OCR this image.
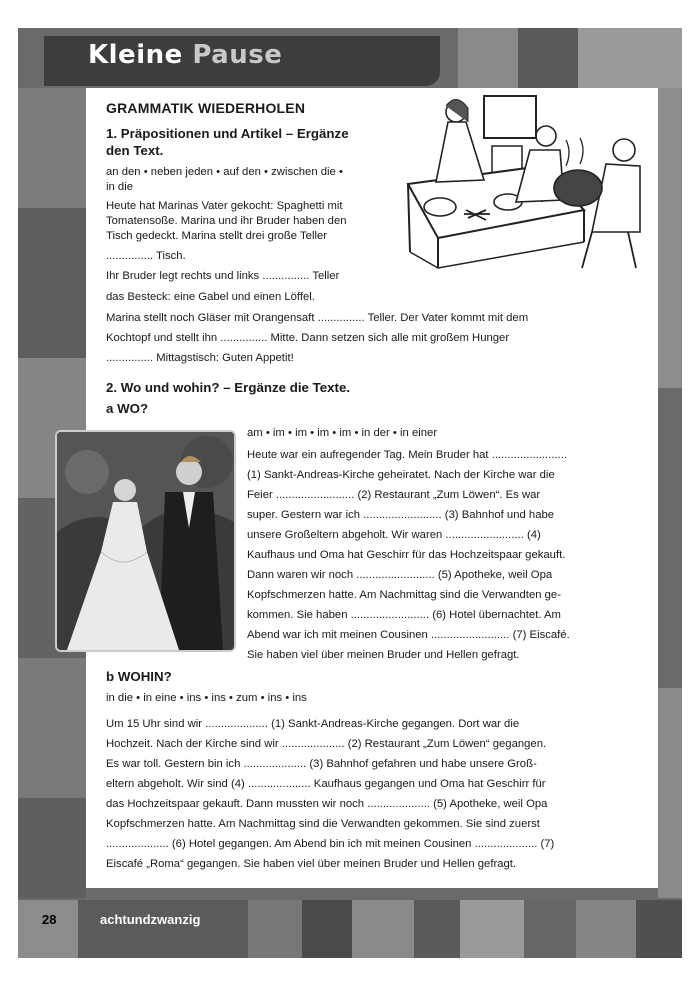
Kleine Pause
GRAMMATIK WIEDERHOLEN
1. Präpositionen und Artikel – Ergänze
den Text.
an den • neben jeden • auf den • zwischen die •
in die
Heute hat Marinas Vater gekocht: Spaghetti mit
Tomatensoße. Marina und ihr Bruder haben den
Tisch gedeckt. Marina stellt drei große Teller
............... Tisch.
Ihr Bruder legt rechts und links ............... Teller
das Besteck: eine Gabel und einen Löffel.
Marina stellt noch Gläser mit Orangensaft ............... Teller. Der Vater kommt mit dem
Kochtopf und stellt ihn ............... Mitte. Dann setzen sich alle mit großem Hunger
............... Mittagstisch: Guten Appetit!
2. Wo und wohin? – Ergänze die Texte.
a WO?
am • im • im • im • im • in der • in einer
Heute war ein aufregender Tag. Mein Bruder hat ........................
(1) Sankt-Andreas-Kirche geheiratet. Nach der Kirche war die
Feier ......................... (2) Restaurant „Zum Löwen“. Es war
super. Gestern war ich ......................... (3) Bahnhof und habe
unsere Großeltern abgeholt. Wir waren ......................... (4)
Kaufhaus und Oma hat Geschirr für das Hochzeitspaar gekauft.
Dann waren wir noch ......................... (5) Apotheke, weil Opa
Kopfschmerzen hatte. Am Nachmittag sind die Verwandten ge-
kommen. Sie haben ......................... (6) Hotel übernachtet. Am
Abend war ich mit meinen Cousinen ......................... (7) Eiscafé.
Sie haben viel über meinen Bruder und Hellen gefragt.
b WOHIN?
in die • in eine • ins • ins • zum • ins • ins
Um 15 Uhr sind wir .................... (1) Sankt-Andreas-Kirche gegangen. Dort war die
Hochzeit. Nach der Kirche sind wir .................... (2) Restaurant „Zum Löwen“ gegangen.
Es war toll. Gestern bin ich .................... (3) Bahnhof gefahren und habe unsere Groß-
eltern abgeholt. Wir sind (4) .................... Kaufhaus gegangen und Oma hat Geschirr für
das Hochzeitspaar gekauft. Dann mussten wir noch .................... (5) Apotheke, weil Opa
Kopfschmerzen hatte. Am Nachmittag sind die Verwandten gekommen. Sie sind zuerst
.................... (6) Hotel gegangen. Am Abend bin ich mit meinen Cousinen .................... (7)
Eiscafé „Roma“ gegangen. Sie haben viel über meinen Bruder und Hellen gefragt.
28	achtundzwanzig
